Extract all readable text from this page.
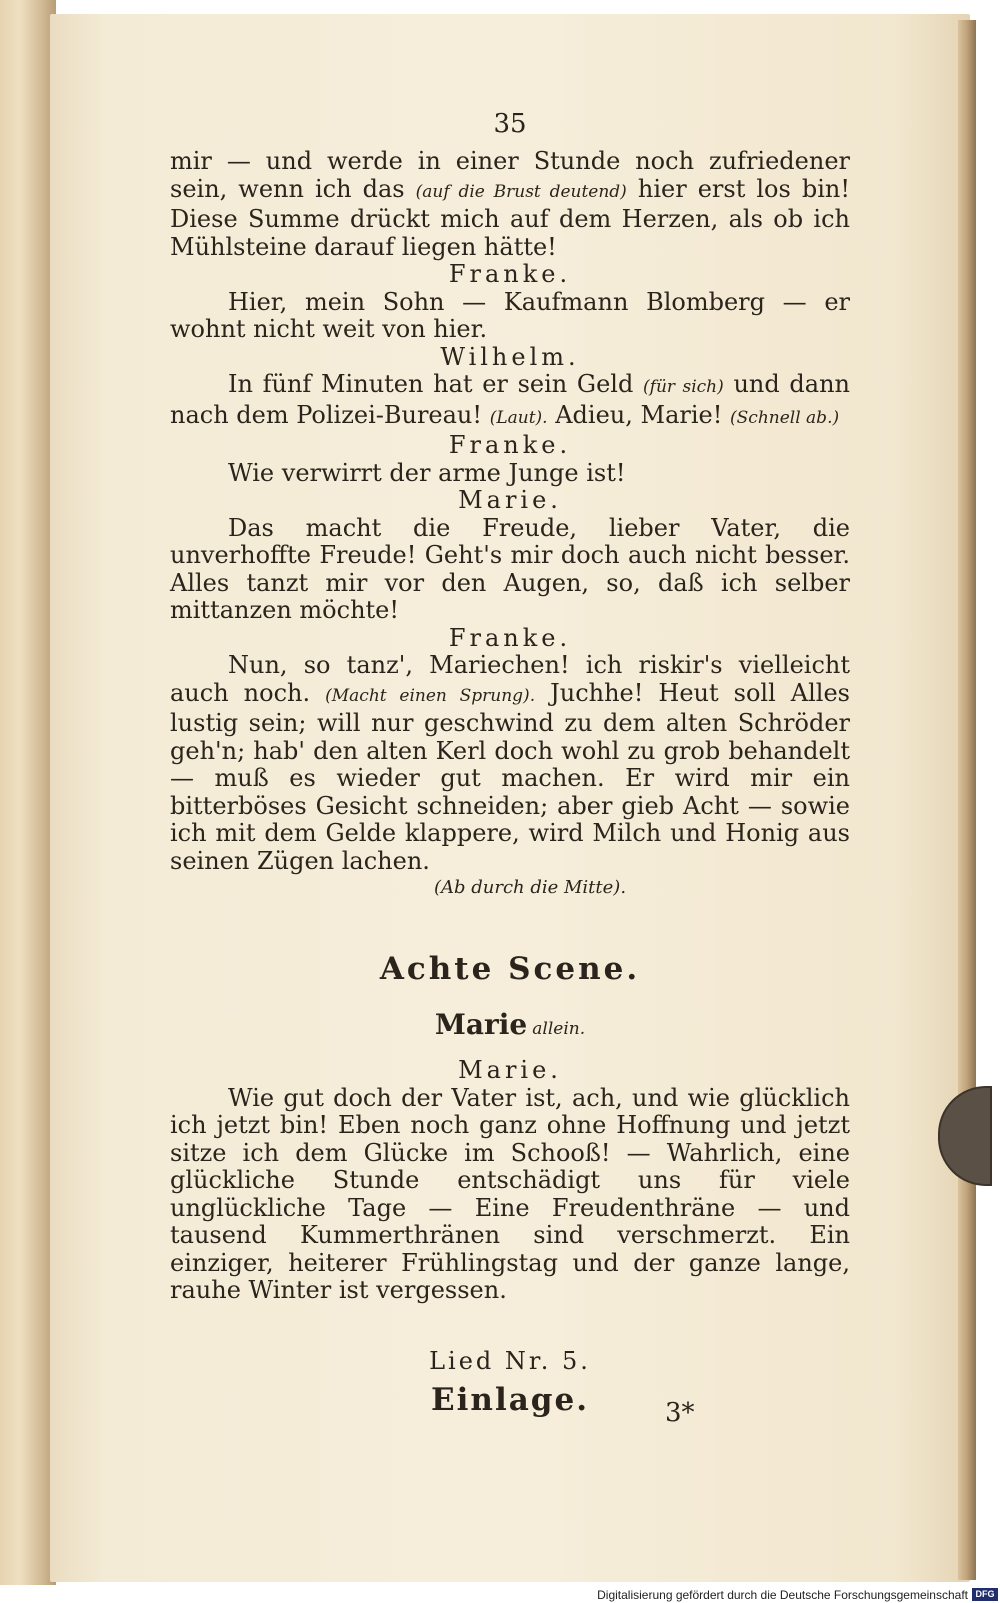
35

mir — und werde in einer Stunde noch zufriedener sein, wenn ich das (auf die Brust deutend) hier erst los bin! Diese Summe drückt mich auf dem Herzen, als ob ich Mühlsteine darauf liegen hätte!

Franke.

Hier, mein Sohn — Kaufmann Blomberg — er wohnt nicht weit von hier.

Wilhelm.

In fünf Minuten hat er sein Geld (für sich) und dann nach dem Polizei-Bureau! (Laut). Adieu, Marie! (Schnell ab.)

Franke.

Wie verwirrt der arme Junge ist!

Marie.

Das macht die Freude, lieber Vater, die unverhoffte Freude! Geht's mir doch auch nicht besser. Alles tanzt mir vor den Augen, so, daß ich selber mittanzen möchte!

Franke.

Nun, so tanz', Mariechen! ich riskir's vielleicht auch noch. (Macht einen Sprung). Juchhe! Heut soll Alles lustig sein; will nur geschwind zu dem alten Schröder geh'n; hab' den alten Kerl doch wohl zu grob behandelt — muß es wieder gut machen. Er wird mir ein bitterböses Gesicht schneiden; aber gieb Acht — sowie ich mit dem Gelde klappere, wird Milch und Honig aus seinen Zügen lachen.

(Ab durch die Mitte).

Achte Scene.
Marie allein.

Marie.

Wie gut doch der Vater ist, ach, und wie glücklich ich jetzt bin! Eben noch ganz ohne Hoffnung und jetzt sitze ich dem Glücke im Schooß! — Wahrlich, eine glückliche Stunde entschädigt uns für viele unglückliche Tage — Eine Freudenthräne — und tausend Kummerthränen sind verschmerzt. Ein einziger, heiterer Frühlingstag und der ganze lange, rauhe Winter ist vergessen.

Lied Nr. 5.
Einlage.	3*
Digitalisierung gefördert durch die Deutsche Forschungsgemeinschaft DFG
